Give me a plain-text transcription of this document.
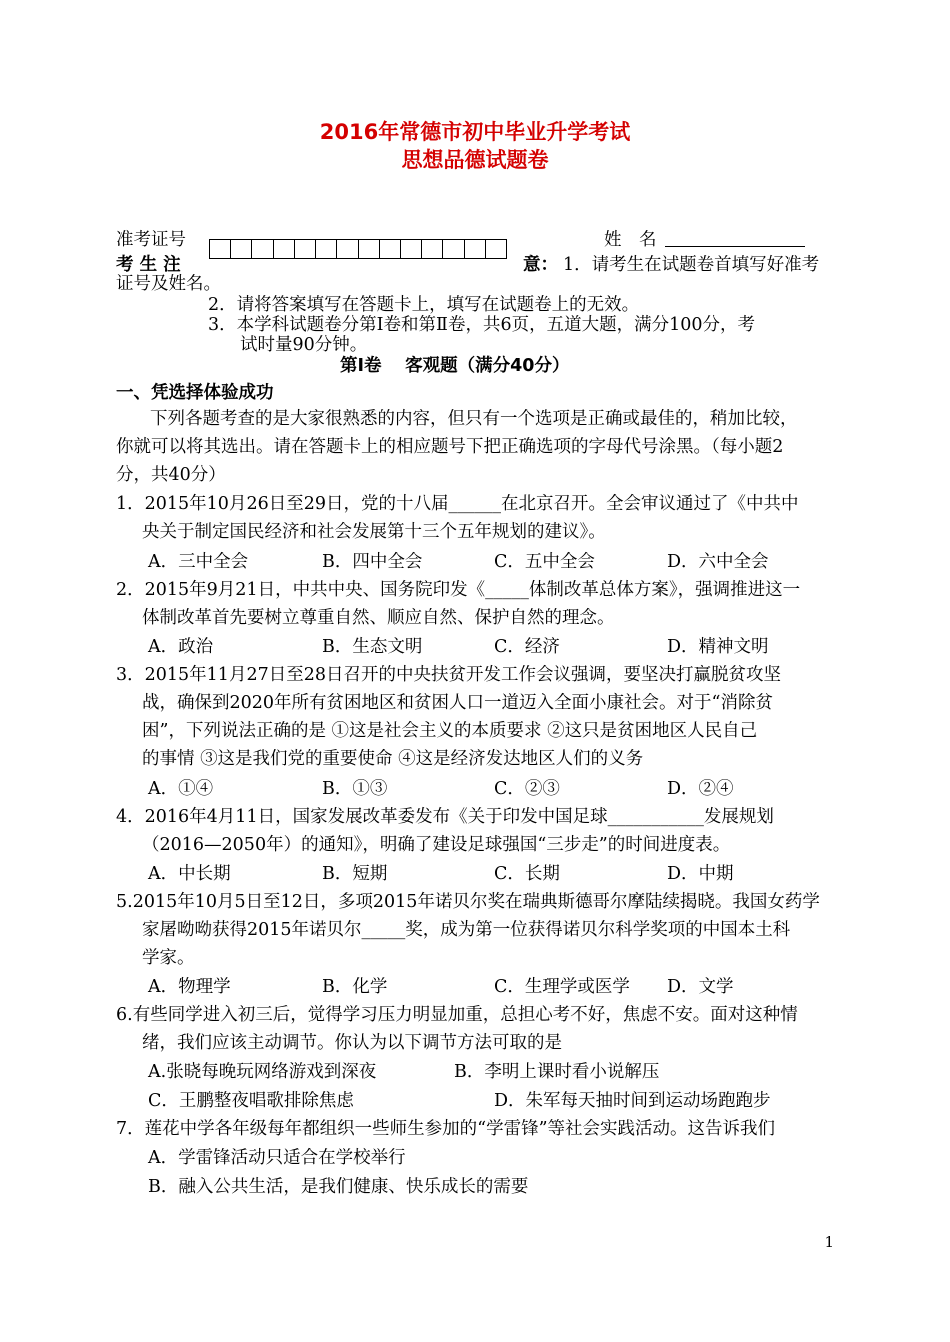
2016年常德市初中毕业升学考试
思想品德试题卷
准考证号	姓　名
考 生 注	意： 1．请考生在试题卷首填写好准考
证号及姓名。
2．请将答案填写在答题卡上，填写在试题卷上的无效。
3．本学科试题卷分第Ⅰ卷和第Ⅱ卷，共6页，五道大题，满分100分，考
试时量90分钟。
第Ⅰ卷　 客观题（满分40分）
一、凭选择体验成功
下列各题考查的是大家很熟悉的内容，但只有一个选项是正确或最佳的，稍加比较，
你就可以将其选出。请在答题卡上的相应题号下把正确选项的字母代号涂黑。（每小题2
分，共40分）
1．2015年10月26日至29日，党的十八届______在北京召开。全会审议通过了《中共中
央关于制定国民经济和社会发展第十三个五年规划的建议》。
A．三中全会	B．四中全会	C．五中全会	D．六中全会
2．2015年9月21日，中共中央、国务院印发《_____体制改革总体方案》，强调推进这一
体制改革首先要树立尊重自然、顺应自然、保护自然的理念。
A．政治	B．生态文明	C．经济	D．精神文明
3．2015年11月27日至28日召开的中央扶贫开发工作会议强调，要坚决打赢脱贫攻坚
战，确保到2020年所有贫困地区和贫困人口一道迈入全面小康社会。对于“消除贫
困”，下列说法正确的是 ①这是社会主义的本质要求 ②这只是贫困地区人民自己
的事情 ③这是我们党的重要使命 ④这是经济发达地区人们的义务
A．①④	B．①③	C．②③	D．②④
4．2016年4月11日，国家发展改革委发布《关于印发中国足球___________发展规划
（2016—2050年）的通知》，明确了建设足球强国“三步走”的时间进度表。
A．中长期	B．短期	C．长期	D．中期
5.2015年10月5日至12日，多项2015年诺贝尔奖在瑞典斯德哥尔摩陆续揭晓。我国女药学
家屠呦呦获得2015年诺贝尔_____奖，成为第一位获得诺贝尔科学奖项的中国本土科
学家。
A．物理学	B．化学	C．生理学或医学 D．文学
6.有些同学进入初三后，觉得学习压力明显加重，总担心考不好，焦虑不安。面对这种情
绪，我们应该主动调节。你认为以下调节方法可取的是
A.张晓每晚玩网络游戏到深夜	B．李明上课时看小说解压
C．王鹏整夜唱歌排除焦虑	D．朱军每天抽时间到运动场跑跑步
7．莲花中学各年级每年都组织一些师生参加的“学雷锋”等社会实践活动。这告诉我们
A．学雷锋活动只适合在学校举行
B．融入公共生活，是我们健康、快乐成长的需要
1
